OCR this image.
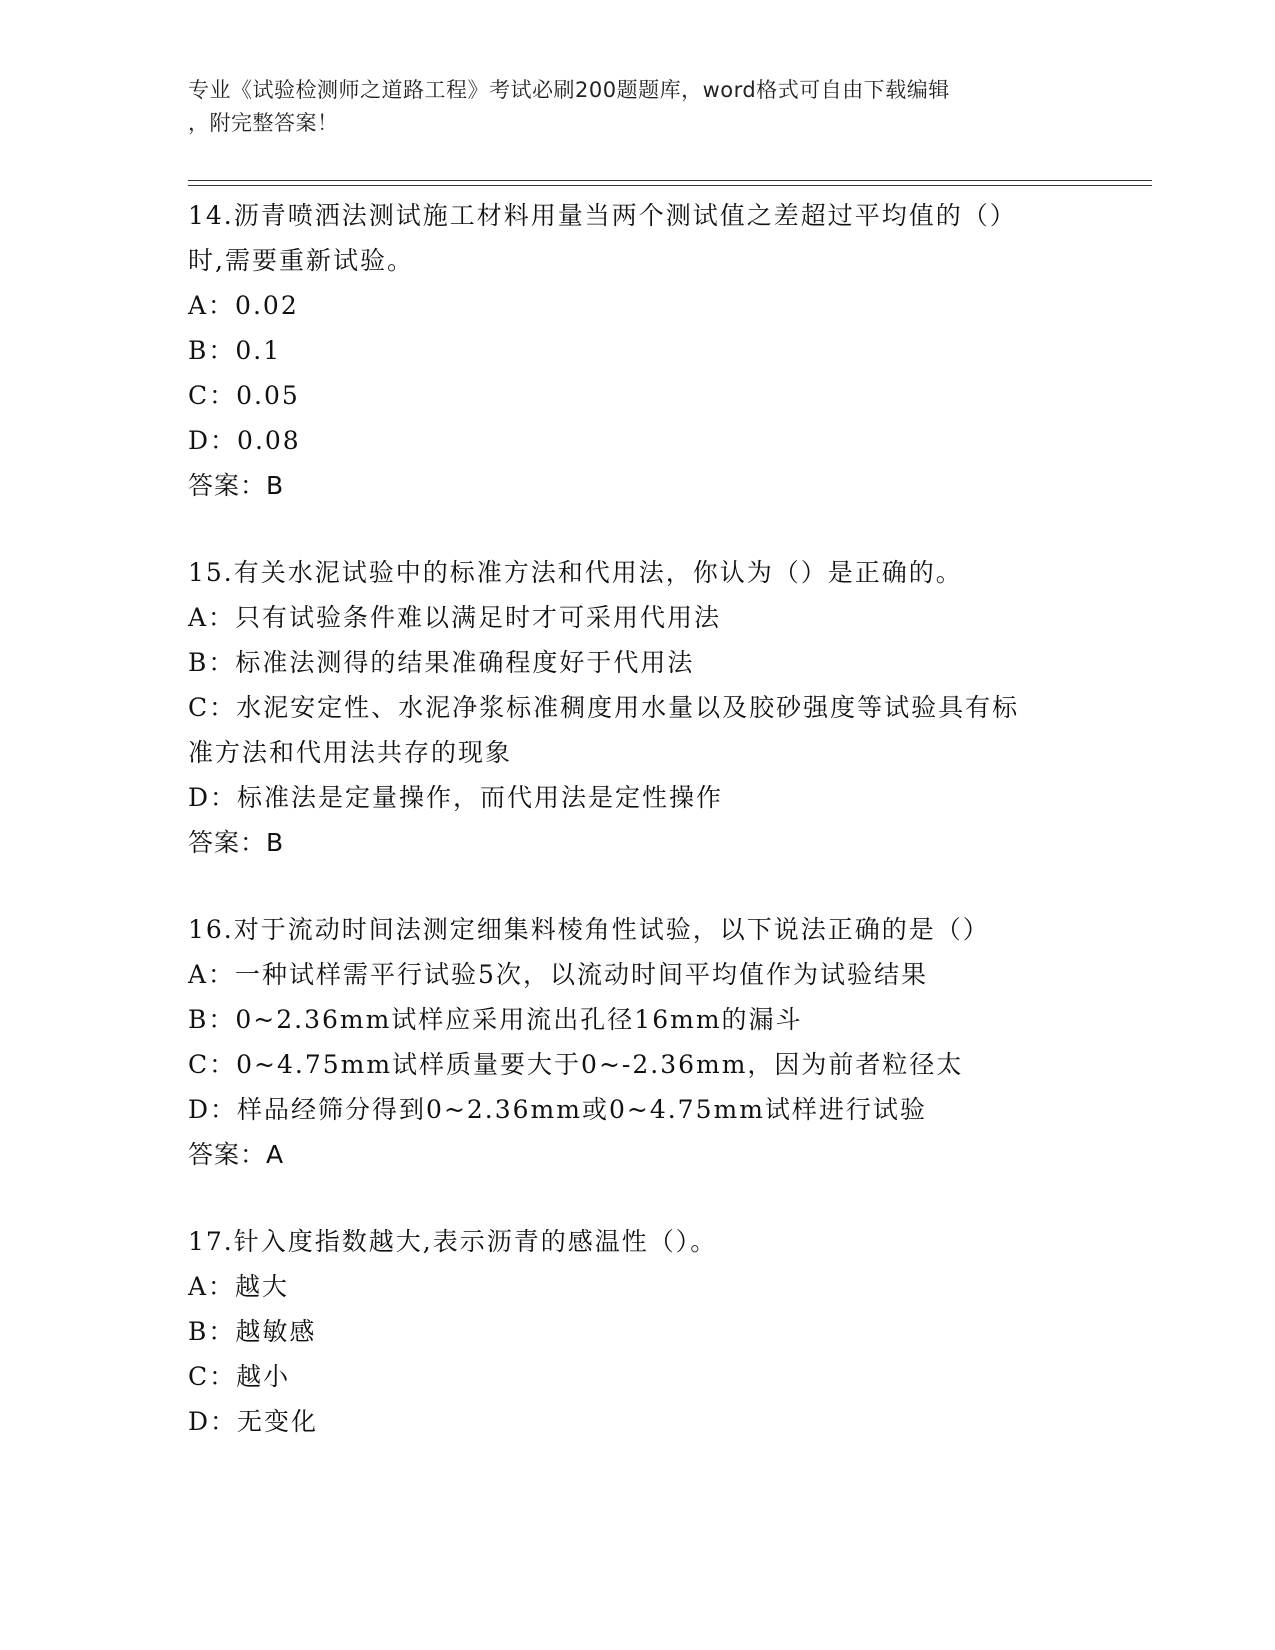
专业《试验检测师之道路工程》考试必刷200题题库，word格式可自由下载编辑
，附完整答案！

14.沥青喷洒法测试施工材料用量当两个测试值之差超过平均值的（）

时,需要重新试验。

A：0.02

B：0.1

C：0.05

D：0.08

答案：B

15.有关水泥试验中的标准方法和代用法，你认为（）是正确的。

A：只有试验条件难以满足时才可采用代用法

B：标准法测得的结果准确程度好于代用法

C：水泥安定性、水泥净浆标准稠度用水量以及胶砂强度等试验具有标

准方法和代用法共存的现象

D：标准法是定量操作，而代用法是定性操作

答案：B

16.对于流动时间法测定细集料棱角性试验，以下说法正确的是（）

A：一种试样需平行试验5次，以流动时间平均值作为试验结果

B：0~2.36mm试样应采用流出孔径16mm的漏斗

C：0~4.75mm试样质量要大于0~-2.36mm，因为前者粒径太

D：样品经筛分得到0~2.36mm或0~4.75mm试样进行试验

答案：A

17.针入度指数越大,表示沥青的感温性（）。

A：越大

B：越敏感

C：越小

D：无变化
